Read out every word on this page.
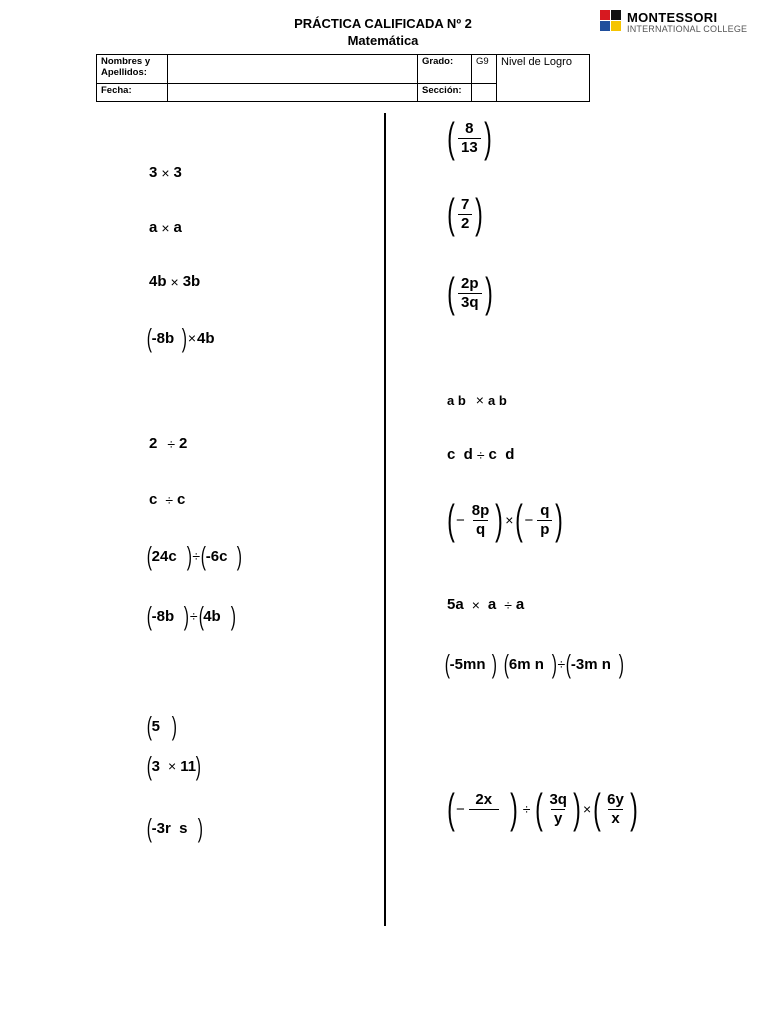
PRÁCTICA CALIFICADA Nº 2
Matemática
MONTESSORI
INTERNATIONAL COLLEGE
Nombres y Apellidos:		Grado:	G9	Nivel de Logro
Fecha:		Sección:		
3 × 3
a × a
4b × 3b
( -8b ) × 4b
2 ÷ 2
c ÷ c
( 24c ) ÷ ( -6c )
( -8b ) ÷ ( 4b )
( 5 )
( 3 × 11 )
( -3r  s )
( $\frac{8}{13}$ )
( $\frac{7}{2}$ )
( $\frac{2p}{3q}$ )
a b × a b
c  d ÷ c  d
( − $\frac{8p}{q}$ ) × ( − $\frac{q}{p}$ )
5a × a ÷ a
( -5mn ) ( 6m n ) ÷ ( -3m n )
( −
2x
) ÷ ( $\frac{3q}{y}$ ) × ( $\frac{6y}{x}$ )
